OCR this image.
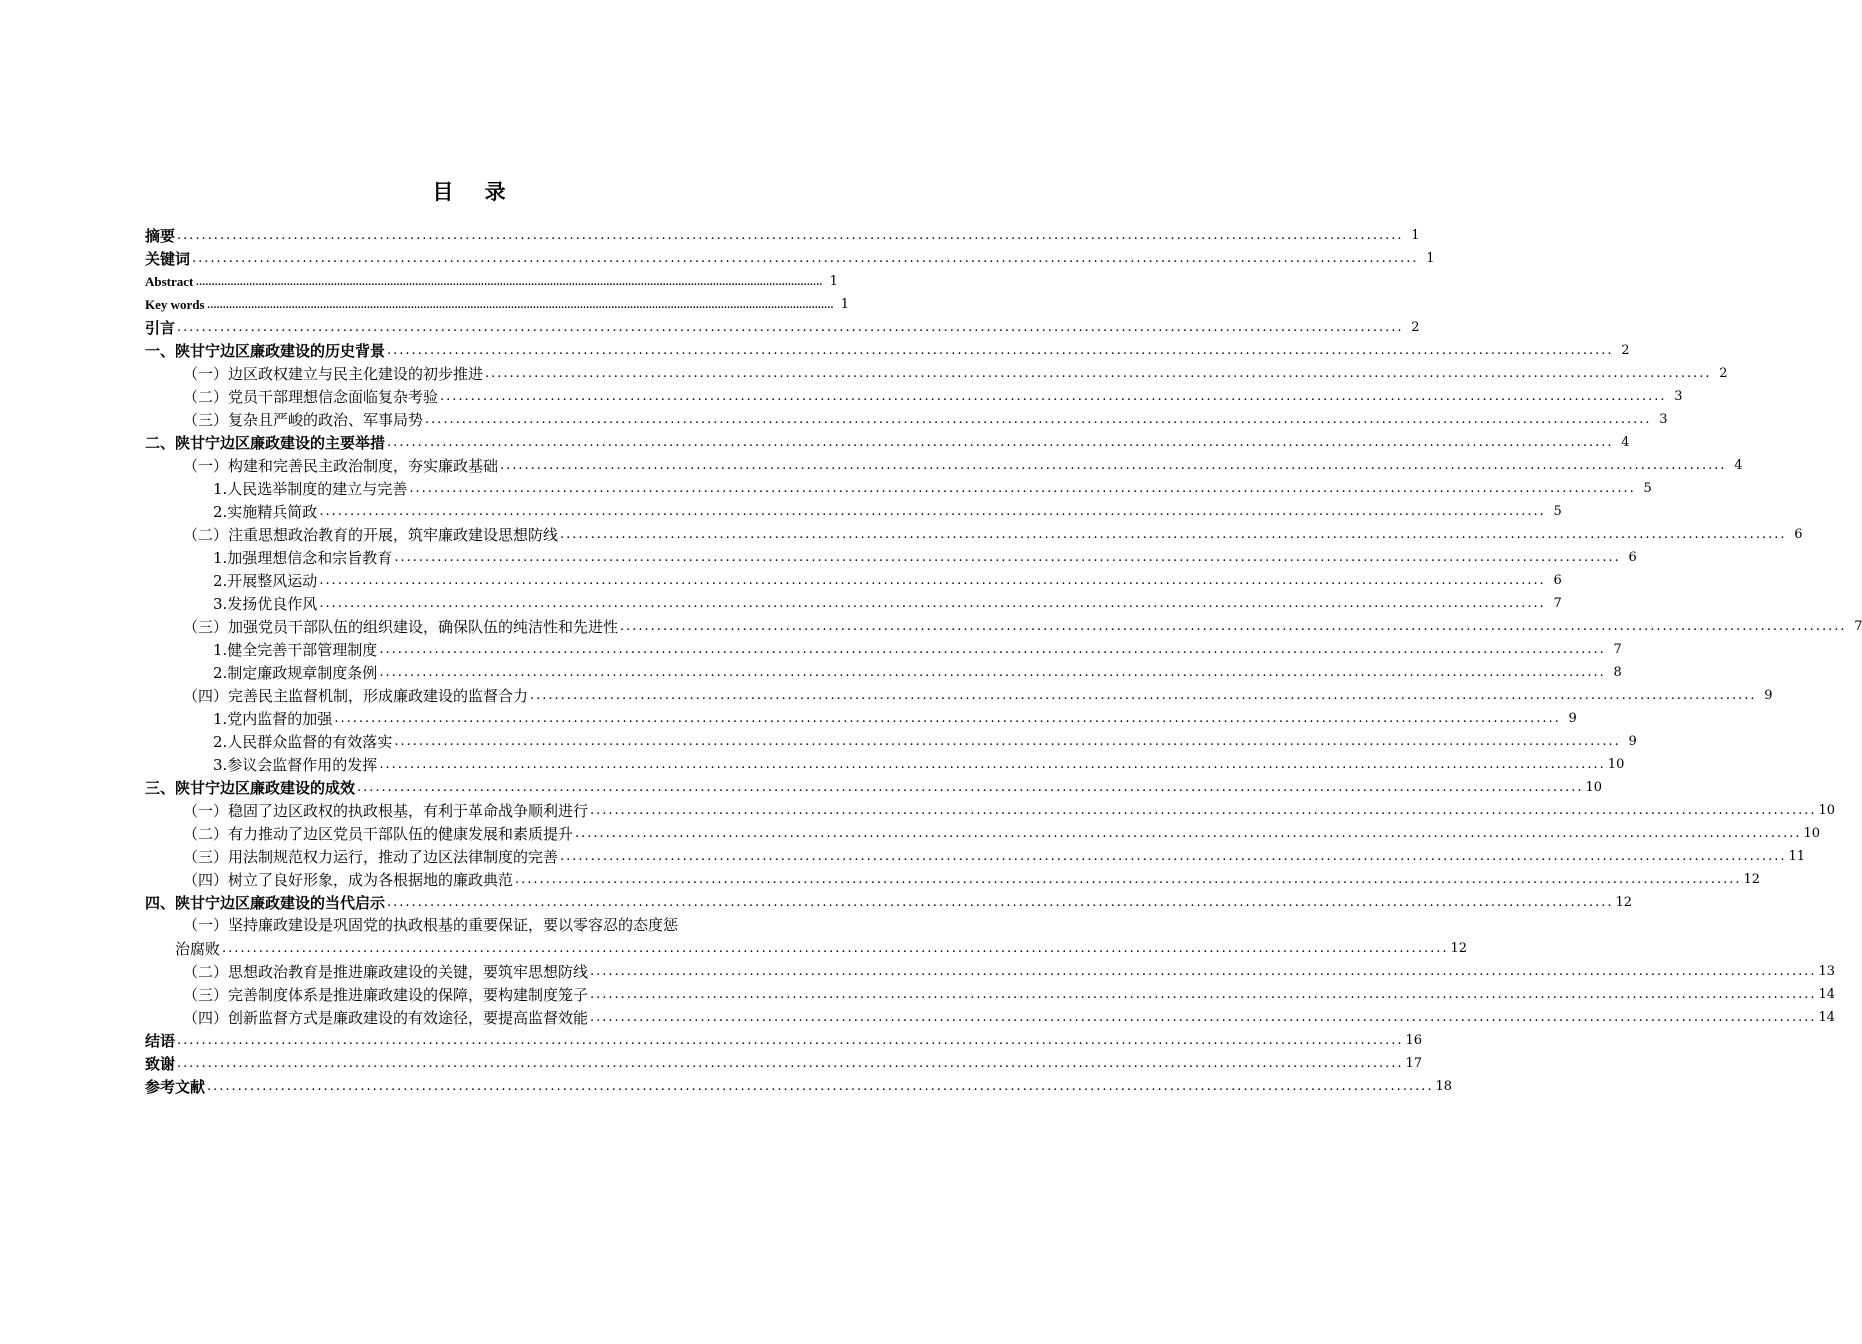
目 录
摘要 ........................................................................................................................................................................................................ 1
关键词 ........................................................................................................................................................................................................ 1
Abstract ........................................................................................................................................................................................................ 1
Key words ........................................................................................................................................................................................................ 1
引言 ........................................................................................................................................................................................................ 2
一、陕甘宁边区廉政建设的历史背景 ........................................................................................................................................................................................................ 2
（一）边区政权建立与民主化建设的初步推进 ........................................................................................................................................................................................................ 2
（二）党员干部理想信念面临复杂考验 ........................................................................................................................................................................................................ 3
（三）复杂且严峻的政治、军事局势 ........................................................................................................................................................................................................ 3
二、陕甘宁边区廉政建设的主要举措 ........................................................................................................................................................................................................ 4
（一）构建和完善民主政治制度，夯实廉政基础 ........................................................................................................................................................................................................ 4
1.人民选举制度的建立与完善 ........................................................................................................................................................................................................ 5
2.实施精兵简政 ........................................................................................................................................................................................................ 5
（二）注重思想政治教育的开展，筑牢廉政建设思想防线 ........................................................................................................................................................................................................ 6
1.加强理想信念和宗旨教育 ........................................................................................................................................................................................................ 6
2.开展整风运动 ........................................................................................................................................................................................................ 6
3.发扬优良作风 ........................................................................................................................................................................................................ 7
（三）加强党员干部队伍的组织建设，确保队伍的纯洁性和先进性 ........................................................................................................................................................................................................ 7
1.健全完善干部管理制度 ........................................................................................................................................................................................................ 7
2.制定廉政规章制度条例 ........................................................................................................................................................................................................ 8
（四）完善民主监督机制，形成廉政建设的监督合力 ........................................................................................................................................................................................................ 9
1.党内监督的加强 ........................................................................................................................................................................................................ 9
2.人民群众监督的有效落实 ........................................................................................................................................................................................................ 9
3.参议会监督作用的发挥 ........................................................................................................................................................................................................ 10
三、陕甘宁边区廉政建设的成效 ........................................................................................................................................................................................................ 10
（一）稳固了边区政权的执政根基，有利于革命战争顺利进行 ........................................................................................................................................................................................................ 10
（二）有力推动了边区党员干部队伍的健康发展和素质提升 ........................................................................................................................................................................................................ 10
（三）用法制规范权力运行，推动了边区法律制度的完善 ........................................................................................................................................................................................................ 11
（四）树立了良好形象，成为各根据地的廉政典范 ........................................................................................................................................................................................................ 12
四、陕甘宁边区廉政建设的当代启示 ........................................................................................................................................................................................................ 12
（一）坚持廉政建设是巩固党的执政根基的重要保证，要以零容忍的态度惩
治腐败 ........................................................................................................................................................................................................ 12
（二）思想政治教育是推进廉政建设的关键，要筑牢思想防线 ........................................................................................................................................................................................................ 13
（三）完善制度体系是推进廉政建设的保障，要构建制度笼子 ........................................................................................................................................................................................................ 14
（四）创新监督方式是廉政建设的有效途径，要提高监督效能 ........................................................................................................................................................................................................ 14
结语 ........................................................................................................................................................................................................ 16
致谢 ........................................................................................................................................................................................................ 17
参考文献 ........................................................................................................................................................................................................ 18
